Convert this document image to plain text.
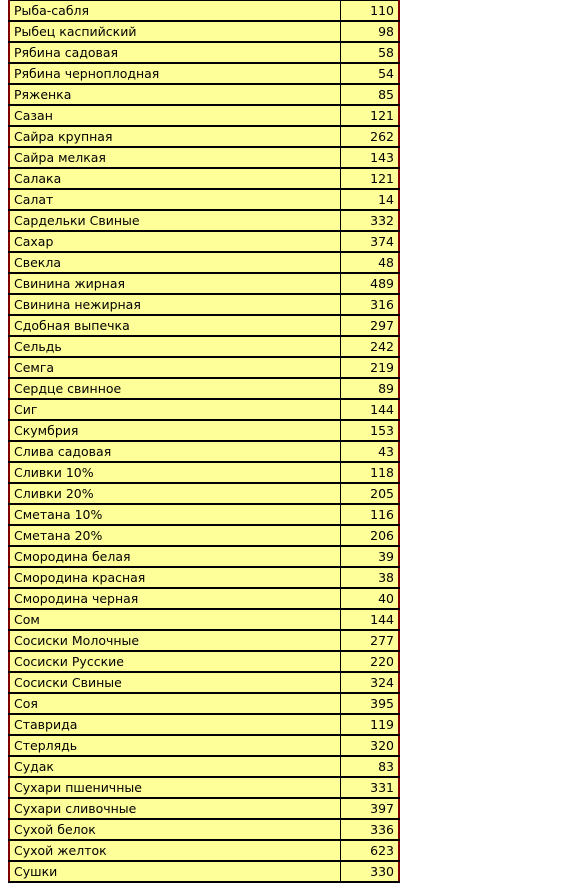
Рыба-сабля	110
Рыбец каспийский	98
Рябина садовая	58
Рябина черноплодная	54
Ряженка	85
Сазан	121
Сайра крупная	262
Сайра мелкая	143
Салака	121
Салат	14
Сардельки Свиные	332
Сахар	374
Свекла	48
Свинина жирная	489
Свинина нежирная	316
Сдобная выпечка	297
Сельдь	242
Семга	219
Сердце свинное	89
Сиг	144
Скумбрия	153
Слива садовая	43
Сливки 10%	118
Сливки 20%	205
Сметана 10%	116
Сметана 20%	206
Смородина белая	39
Смородина красная	38
Смородина черная	40
Сом	144
Сосиски Молочные	277
Сосиски Русские	220
Сосиски Свиные	324
Соя	395
Ставрида	119
Стерлядь	320
Судак	83
Сухари пшеничные	331
Сухари сливочные	397
Сухой белок	336
Сухой желток	623
Сушки	330
